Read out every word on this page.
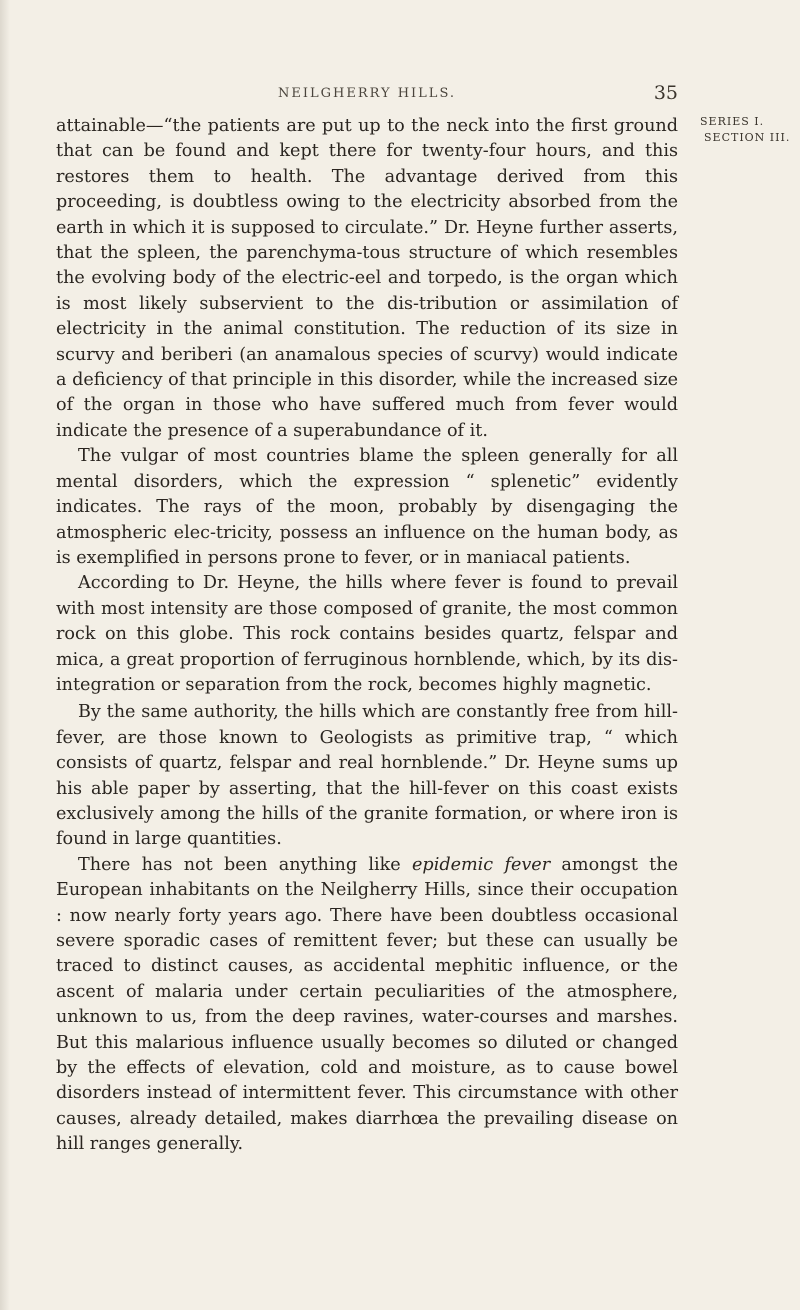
NEILGHERRY HILLS.	35
SERIES I.
SECTION III.

attainable—“the patients are put up to the neck into the first ground that can be found and kept there for twenty-four hours, and this restores them to health. The advantage derived from this proceeding, is doubtless owing to the electricity absorbed from the earth in which it is supposed to circulate.” Dr. Heyne further asserts, that the spleen, the parenchyma-tous structure of which resembles the evolving body of the electric-eel and torpedo, is the organ which is most likely subservient to the dis-tribution or assimilation of electricity in the animal constitution. The reduction of its size in scurvy and beriberi (an anamalous species of scurvy) would indicate a deficiency of that principle in this disorder, while the increased size of the organ in those who have suffered much from fever would indicate the presence of a superabundance of it.

The vulgar of most countries blame the spleen generally for all mental disorders, which the expression “ splenetic” evidently indicates. The rays of the moon, probably by disengaging the atmospheric elec-tricity, possess an influence on the human body, as is exemplified in persons prone to fever, or in maniacal patients.

According to Dr. Heyne, the hills where fever is found to prevail with most intensity are those composed of granite, the most common rock on this globe. This rock contains besides quartz, felspar and mica, a great proportion of ferruginous hornblende, which, by its dis-integration or separation from the rock, becomes highly magnetic.

By the same authority, the hills which are constantly free from hill-fever, are those known to Geologists as primitive trap, “ which consists of quartz, felspar and real hornblende.” Dr. Heyne sums up his able paper by asserting, that the hill-fever on this coast exists exclusively among the hills of the granite formation, or where iron is found in large quantities.

There has not been anything like epidemic fever amongst the European inhabitants on the Neilgherry Hills, since their occupation : now nearly forty years ago. There have been doubtless occasional severe sporadic cases of remittent fever; but these can usually be traced to distinct causes, as accidental mephitic influence, or the ascent of malaria under certain peculiarities of the atmosphere, unknown to us, from the deep ravines, water-courses and marshes. But this malarious influence usually becomes so diluted or changed by the effects of elevation, cold and moisture, as to cause bowel disorders instead of intermittent fever. This circumstance with other causes, already detailed, makes diarrhœa the prevailing disease on hill ranges generally.
